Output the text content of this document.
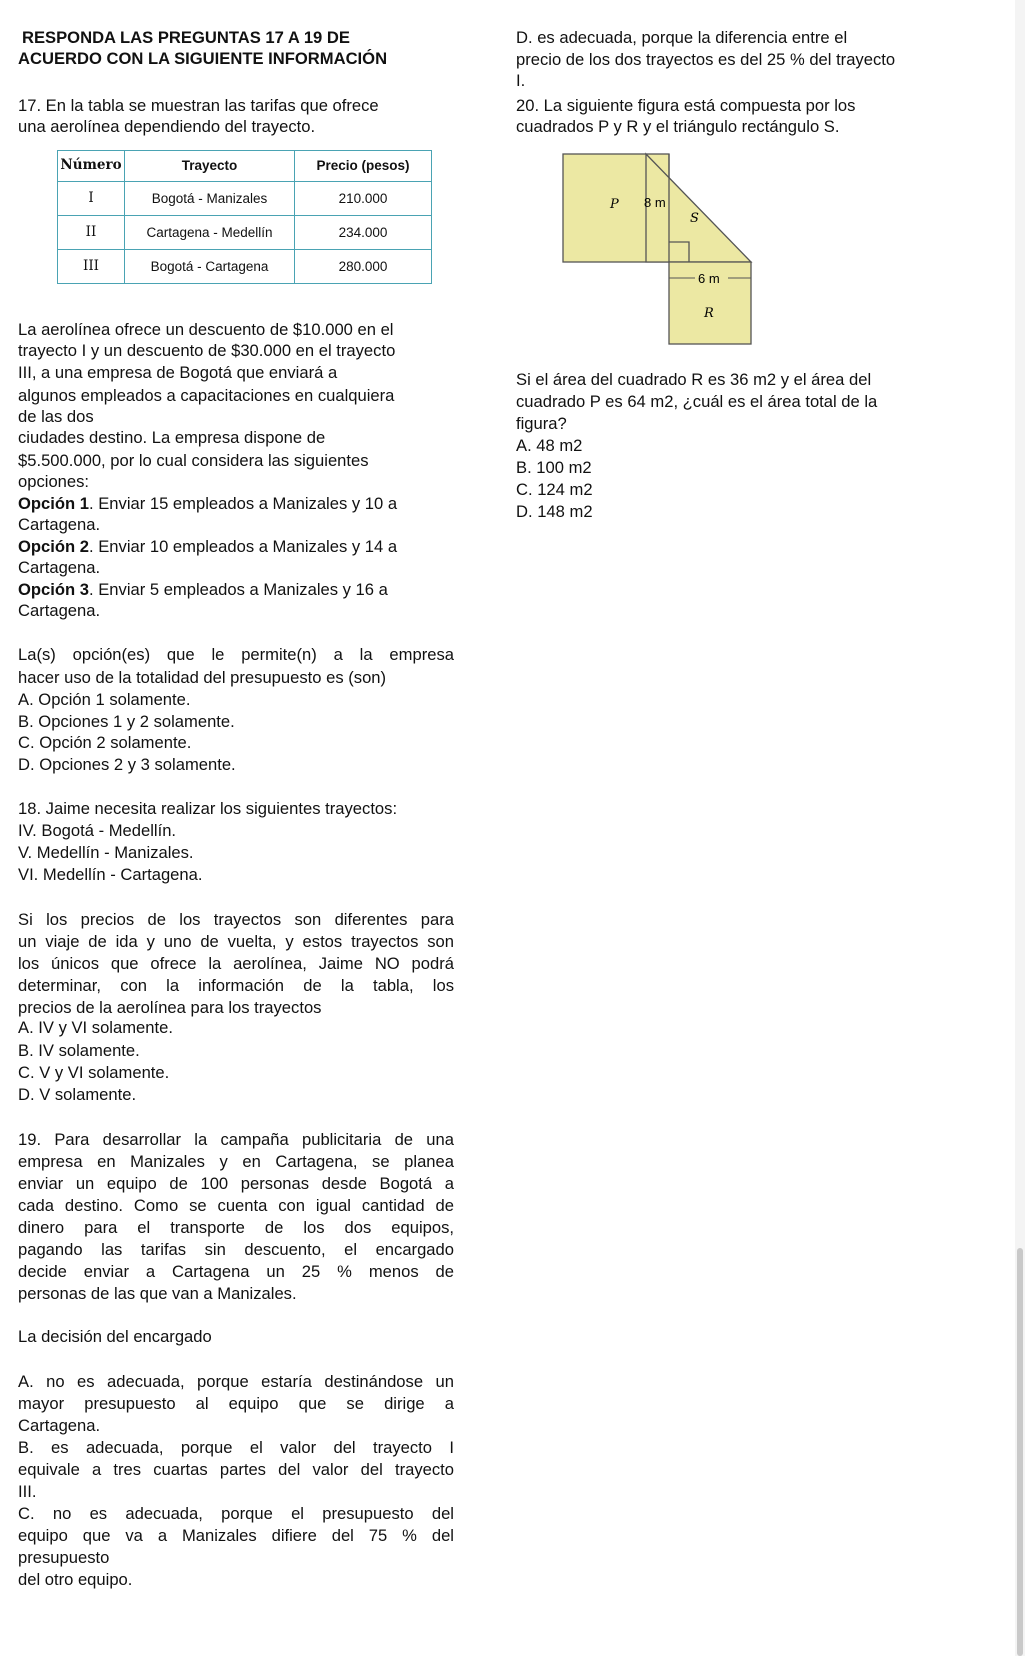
RESPONDA LAS PREGUNTAS 17 A 19 DE
ACUERDO CON LA SIGUIENTE INFORMACIÓN
17. En la tabla se muestran las tarifas que ofrece
una aerolínea dependiendo del trayecto.
Número	Trayecto	Precio (pesos)
I	Bogotá - Manizales	210.000
II	Cartagena - Medellín	234.000
III	Bogotá - Cartagena	280.000
La aerolínea ofrece un descuento de $10.000 en el
trayecto I y un descuento de $30.000 en el trayecto
III, a una empresa de Bogotá que enviará a
algunos empleados a capacitaciones en cualquiera
de las dos
ciudades destino. La empresa dispone de
$5.500.000, por lo cual considera las siguientes
opciones:
Opción 1. Enviar 15 empleados a Manizales y 10 a
Cartagena.
Opción 2. Enviar 10 empleados a Manizales y 14 a
Cartagena.
Opción 3. Enviar 5 empleados a Manizales y 16 a
Cartagena.
La(s) opción(es) que le permite(n) a la empresa
hacer uso de la totalidad del presupuesto es (son)
A. Opción 1 solamente.
B. Opciones 1 y 2 solamente.
C. Opción 2 solamente.
D. Opciones 2 y 3 solamente.
18. Jaime necesita realizar los siguientes trayectos:
IV. Bogotá - Medellín.
V. Medellín - Manizales.
VI. Medellín - Cartagena.
Si los precios de los trayectos son diferentes para
un viaje de ida y uno de vuelta, y estos trayectos son
los únicos que ofrece la aerolínea, Jaime NO podrá
determinar, con la información de la tabla, los
precios de la aerolínea para los trayectos
A. IV y VI solamente.
B. IV solamente.
C. V y VI solamente.
D. V solamente.
19. Para desarrollar la campaña publicitaria de una
empresa en Manizales y en Cartagena, se planea
enviar un equipo de 100 personas desde Bogotá a
cada destino. Como se cuenta con igual cantidad de
dinero para el transporte de los dos equipos,
pagando las tarifas sin descuento, el encargado
decide enviar a Cartagena un 25 % menos de
personas de las que van a Manizales.
La decisión del encargado
A. no es adecuada, porque estaría destinándose un
mayor presupuesto al equipo que se dirige a
Cartagena.
B. es adecuada, porque el valor del trayecto I
equivale a tres cuartas partes del valor del trayecto
III.
C. no es adecuada, porque el presupuesto del
equipo que va a Manizales difiere del 75 % del
presupuesto
del otro equipo.
D. es adecuada, porque la diferencia entre el
precio de los dos trayectos es del 25 % del trayecto
I.
20. La siguiente figura está compuesta por los
cuadrados P y R y el triángulo rectángulo S.
P 8 m
S
6 m
R
Si el área del cuadrado R es 36 m2 y el área del
cuadrado P es 64 m2, ¿cuál es el área total de la
figura?
A. 48 m2
B. 100 m2
C. 124 m2
D. 148 m2
